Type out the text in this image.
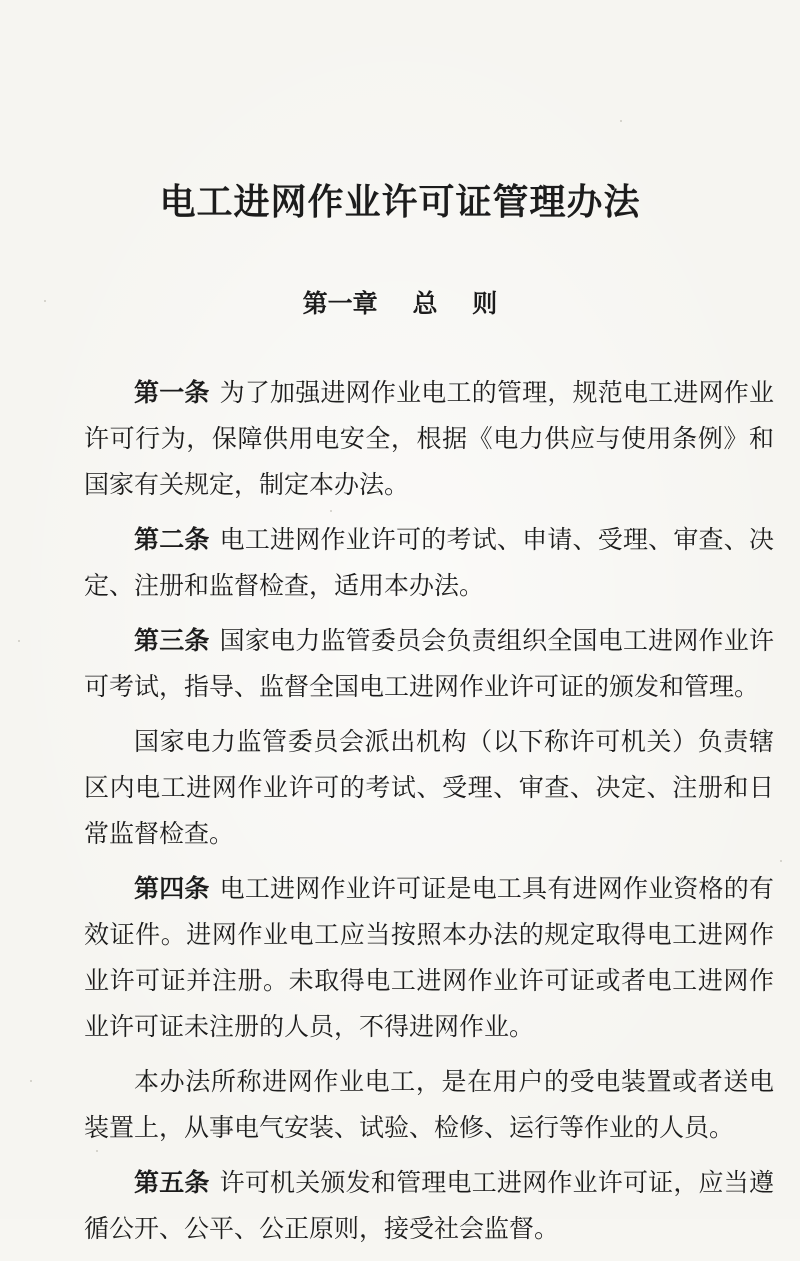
电工进网作业许可证管理办法
第一章    总    则

第一条 为了加强进网作业电工的管理，规范电工进网作业许可行为，保障供用电安全，根据《电力供应与使用条例》和国家有关规定，制定本办法。

第二条 电工进网作业许可的考试、申请、受理、审查、决定、注册和监督检查，适用本办法。

第三条 国家电力监管委员会负责组织全国电工进网作业许可考试，指导、监督全国电工进网作业许可证的颁发和管理。

国家电力监管委员会派出机构（以下称许可机关）负责辖区内电工进网作业许可的考试、受理、审查、决定、注册和日常监督检查。

第四条 电工进网作业许可证是电工具有进网作业资格的有效证件。进网作业电工应当按照本办法的规定取得电工进网作业许可证并注册。未取得电工进网作业许可证或者电工进网作业许可证未注册的人员，不得进网作业。

本办法所称进网作业电工，是在用户的受电装置或者送电装置上，从事电气安装、试验、检修、运行等作业的人员。

第五条 许可机关颁发和管理电工进网作业许可证，应当遵循公开、公平、公正原则，接受社会监督。
